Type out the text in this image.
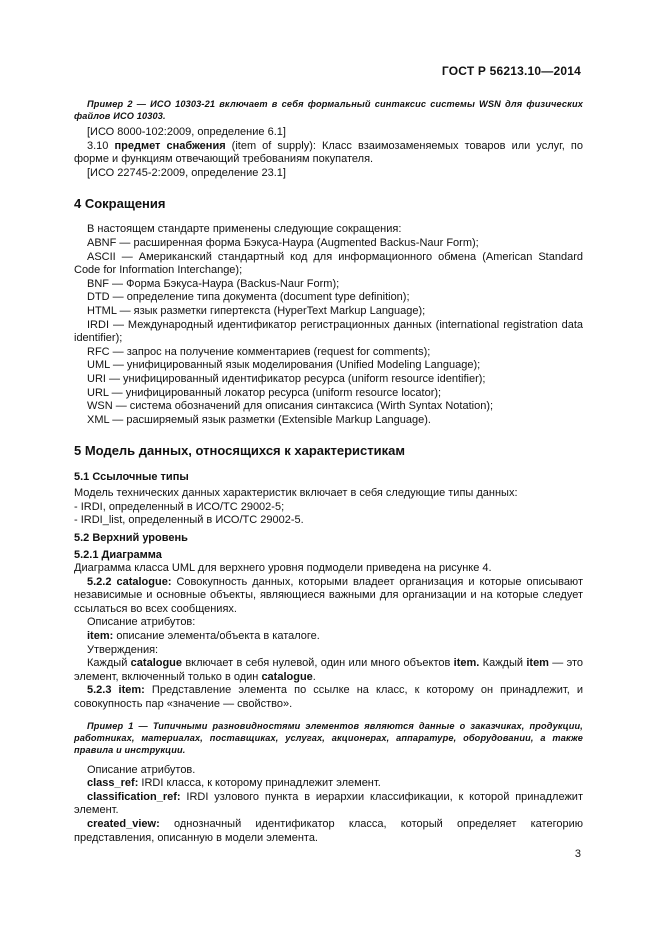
ГОСТ Р 56213.10—2014

Пример 2 — ИСО 10303-21 включает в себя формальный синтаксис системы WSN для физических файлов ИСО 10303.

[ИСО 8000-102:2009, определение 6.1]

3.10 предмет снабжения (item of supply): Класс взаимозаменяемых товаров или услуг, по форме и функциям отвечающий требованиям покупателя.

[ИСО 22745-2:2009, определение 23.1]

4 Сокращения

В настоящем стандарте применены следующие сокращения:

ABNF — расширенная форма Бэкуса-Наура (Augmented Backus-Naur Form);

ASCII — Американский стандартный код для информационного обмена (American Standard Code for Information Interchange);

BNF — Форма Бэкуса-Наура (Backus-Naur Form);

DTD — определение типа документа (document type definition);

HTML — язык разметки гипертекста (HyperText Markup Language);

IRDI — Международный идентификатор регистрационных данных (international registration data identifier);

RFC — запрос на получение комментариев (request for comments);

UML — унифицированный язык моделирования (Unified Modeling Language);

URI — унифицированный идентификатор ресурса (uniform resource identifier);

URL — унифицированный локатор ресурса (uniform resource locator);

WSN — система обозначений для описания синтаксиса (Wirth Syntax Notation);

XML — расширяемый язык разметки (Extensible Markup Language).

5 Модель данных, относящихся к характеристикам
5.1 Ссылочные типы

Модель технических данных характеристик включает в себя следующие типы данных:

- IRDI, определенный в ИСО/ТС 29002-5;

- IRDI_list, определенный в ИСО/ТС 29002-5.

5.2 Верхний уровень
5.2.1 Диаграмма

Диаграмма класса UML для верхнего уровня подмодели приведена на рисунке 4.

5.2.2 catalogue: Совокупность данных, которыми владеет организация и которые описывают независимые и основные объекты, являющиеся важными для организации и на которые следует ссылаться во всех сообщениях.

Описание атрибутов:

item: описание элемента/объекта в каталоге.

Утверждения:

Каждый catalogue включает в себя нулевой, один или много объектов item. Каждый item — это элемент, включенный только в один catalogue.

5.2.3 item: Представление элемента по ссылке на класс, к которому он принадлежит, и совокупность пар «значение — свойство».

Пример 1 — Типичными разновидностями элементов являются данные о заказчиках, продукции, работниках, материалах, поставщиках, услугах, акционерах, аппаратуре, оборудовании, а также правила и инструкции.

Описание атрибутов.

class_ref: IRDI класса, к которому принадлежит элемент.

classification_ref: IRDI узлового пункта в иерархии классификации, к которой принадлежит элемент.

created_view: однозначный идентификатор класса, который определяет категорию представления, описанную в модели элемента.

3
